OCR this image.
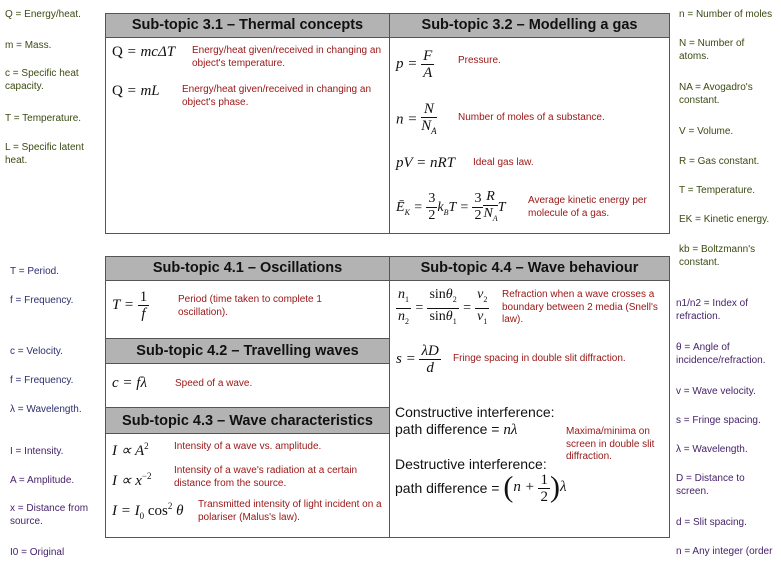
Q = Energy/heat.
m = Mass.
c = Specific heat capacity.
T = Temperature.
L = Specific latent heat.
T = Period.
f = Frequency.
c = Velocity.
f = Frequency.
λ = Wavelength.
I = Intensity.
A = Amplitude.
x = Distance from source.
I0 = Original
n = Number of moles
N = Number of atoms.
NA = Avogadro's constant.
V = Volume.
R = Gas constant.
T = Temperature.
EK = Kinetic energy.
kb = Boltzmann's constant.
n1/n2 = Index of refraction.
θ = Angle of incidence/refraction.
v = Wave velocity.
s = Fringe spacing.
λ = Wavelength.
D = Distance to screen.
d = Slit spacing.
n = Any integer (order
Sub-topic 3.1 – Thermal concepts	Sub-topic 3.2 – Modelling a gas
Q = mcΔT Energy/heat given/received in changing an object's temperature.
Q = mL Energy/heat given/received in changing an object's phase.
$p = \frac{F}{A}$ Pressure.
$n = \frac{N}{N_A}$ Number of moles of a substance.
pV = nRT Ideal gas law.
$Ē_K = \frac{3}{2} k_BT = \frac{3}{2} \frac{R}{N_A}$ T Average kinetic energy per molecule of a gas.
Sub-topic 4.1 – Oscillations	Sub-topic 4.4 – Wave behaviour
$T = \frac{1}{f}$	Period (time taken to complete 1 oscillation).
Sub-topic 4.2 – Travelling waves
c = fλ	Speed of a wave.
Sub-topic 4.3 – Wave characteristics
$I \propto A^2$	Intensity of a wave vs. amplitude.
$I \propto x^{-2}$ Intensity of a wave's radiation at a certain distance from the source.
$I = I_0$ $\cos^2 \theta$ Transmitted intensity of light incident on a polariser (Malus's law).
$\frac{n_1}{n_2} = \frac{\sin\theta_2}{\sin\theta_1} = \frac{v_2}{v_1}$ Refraction when a wave crosses a boundary between 2 media (Snell's law).
$s = \frac{\lambda D}{d}$ Fringe spacing in double slit diffraction.
Constructive interference:
path difference = nλ	Maxima/minima on screen in double slit diffraction.
Destructive interference:
path difference = $(n + \frac{1}{2} )\lambda$
